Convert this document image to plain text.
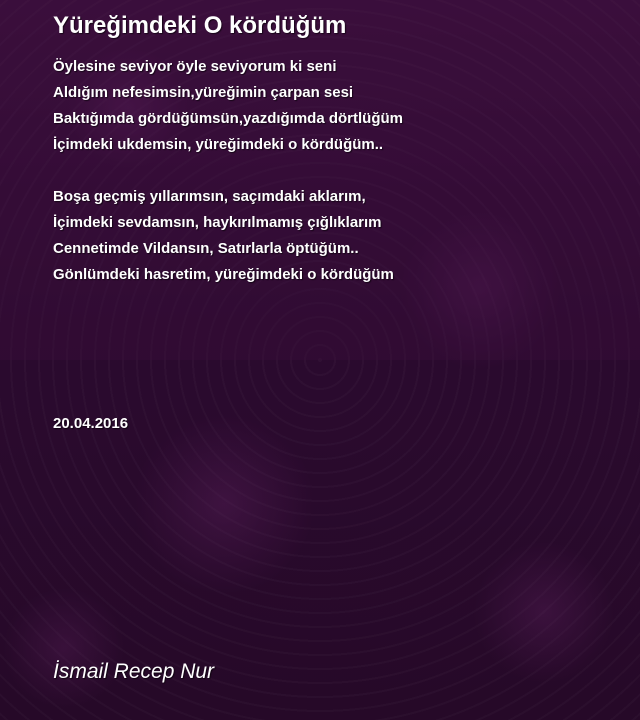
Yüreğimdeki O kördüğüm

Öylesine seviyor öyle seviyorum ki seni
Aldığım nefesimsin,yüreğimin çarpan sesi
Baktığımda gördüğümsün,yazdığımda dörtlüğüm
İçimdeki ukdemsin, yüreğimdeki o kördüğüm..

Boşa geçmiş yıllarımsın, saçımdaki aklarım,
İçimdeki sevdamsın, haykırılmamış çığlıklarım
Cennetimde Vildansın, Satırlarla öptüğüm..
Gönlümdeki hasretim, yüreğimdeki o kördüğüm

20.04.2016
İsmail Recep Nur
